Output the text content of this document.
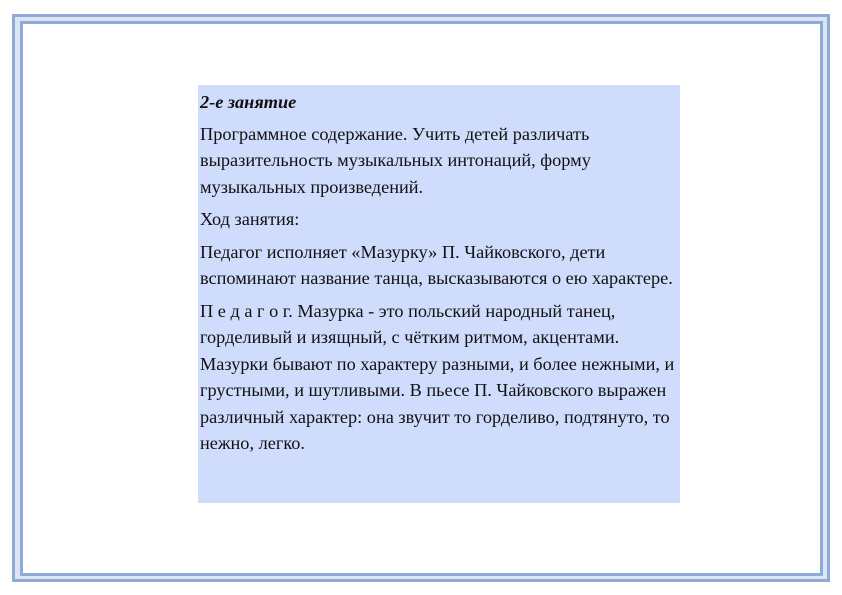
2-е занятие
Программное содержание. Учить детей различать выразительность музыкальных интонаций, форму музыкальных произведений.
Ход занятия:
Педагог исполняет «Мазурку» П. Чайковского, дети вспоминают название танца, высказываются о ею характере.
П е д а г о г. Мазурка - это польский народный танец, горделивый и изящный, с чётким ритмом, акцентами. Мазурки бывают по характеру разными, и более нежными, и грустными, и шутливыми. В пьесе П. Чайковского выражен различный характер: она звучит то горделиво, подтянуто, то нежно, легко.
